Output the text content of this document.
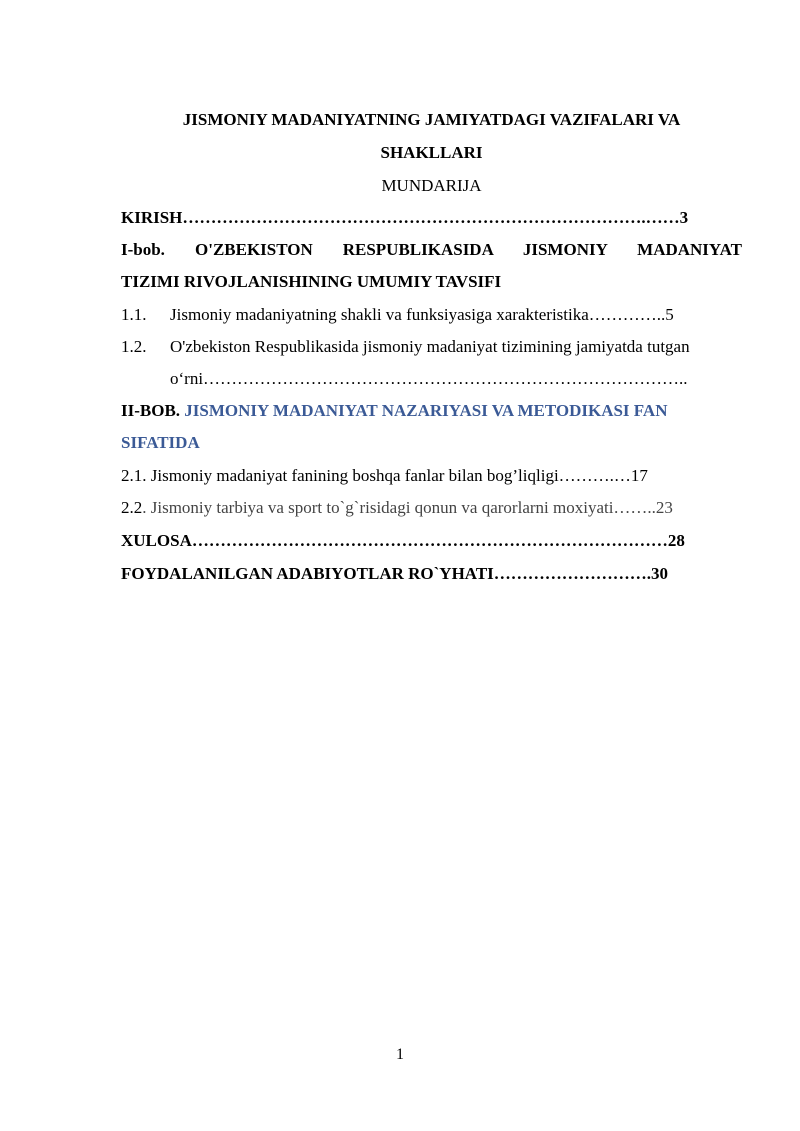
JISMONIY MADANIYATNING JAMIYATDAGI VAZIFALARI VA
SHAKLLARI
MUNDARIJA
KIRISH……………………………………………………………………….……3
I-bob. O'ZBEKISTON RESPUBLIKASIDA JISMONIY MADANIYAT
TIZIMI RIVOJLANISHINING UMUMIY TAVSIFI
1.1. Jismoniy madaniyatning shakli va funksiyasiga xarakteristika…………..5
1.2. O'zbekiston Respublikasida jismoniy madaniyat tizimining jamiyatda tutgan
o‘rni…………………………………………………………………………..
II-BOB. JISMONIY MADANIYAT NAZARIYASI VA METODIKASI FAN
SIFATIDA
2.1. Jismoniy madaniyat fanining boshqa fanlar bilan bog’liqligi……….…17
2.2. Jismoniy tarbiya va sport to`g`risidagi qonun va qarorlarni moxiyati……..23
XULOSA…………………………………………………………………………28
FOYDALANILGAN ADABIYOTLAR RO`YHATI……………………….30
1
